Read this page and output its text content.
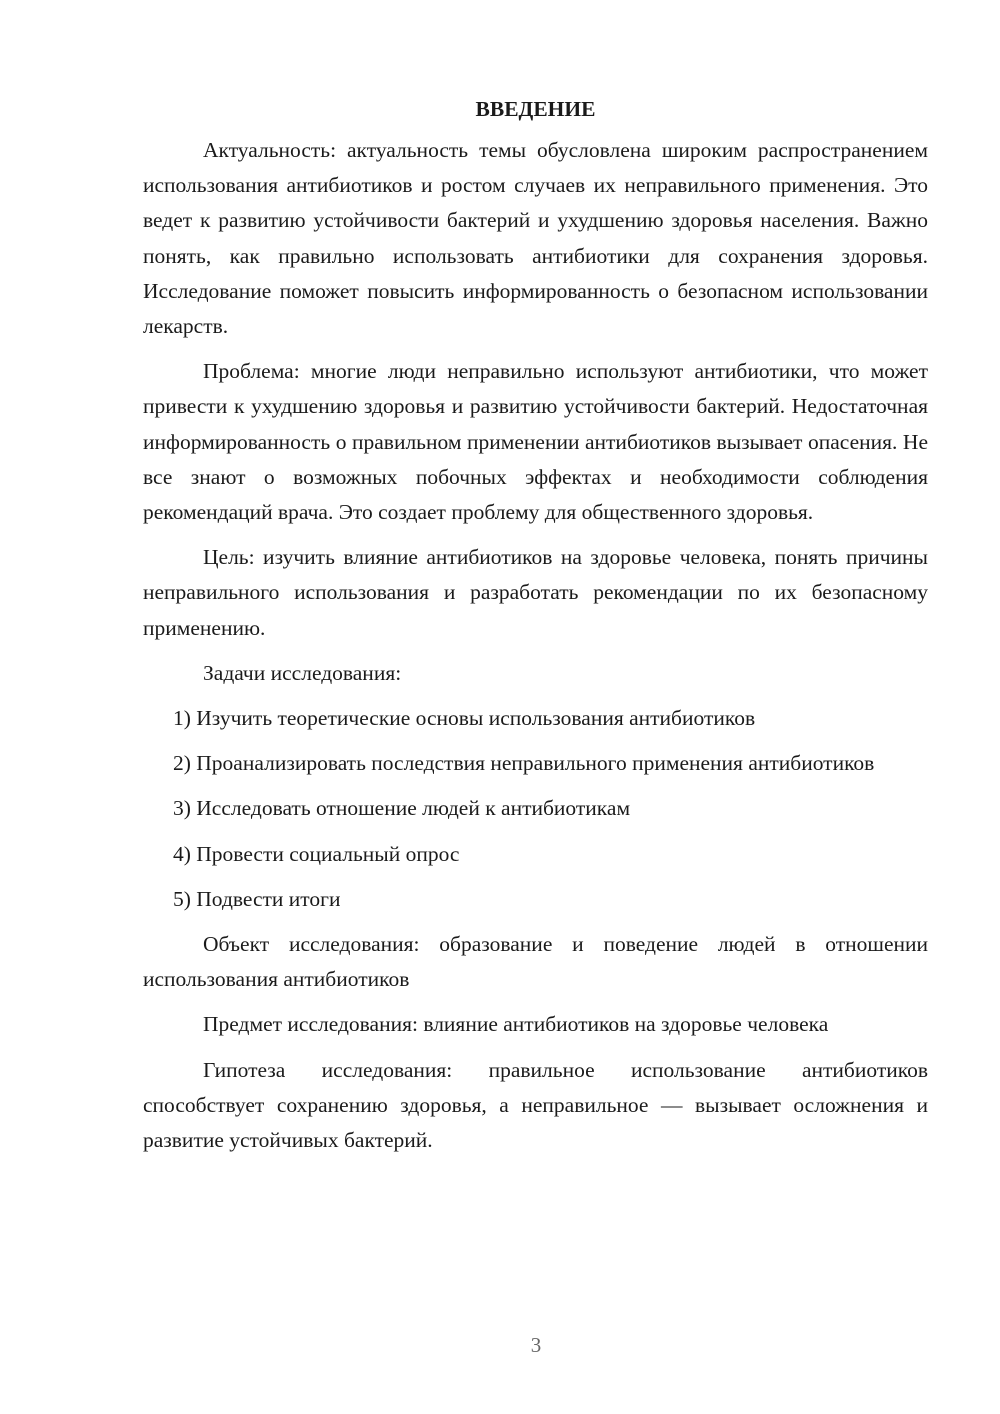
ВВЕДЕНИЕ

Актуальность: актуальность темы обусловлена широким распространением использования антибиотиков и ростом случаев их неправильного применения. Это ведет к развитию устойчивости бактерий и ухудшению здоровья населения. Важно понять, как правильно использовать антибиотики для сохранения здоровья. Исследование поможет повысить информированность о безопасном использовании лекарств.

Проблема: многие люди неправильно используют антибиотики, что может привести к ухудшению здоровья и развитию устойчивости бактерий. Недостаточная информированность о правильном применении антибиотиков вызывает опасения. Не все знают о возможных побочных эффектах и необходимости соблюдения рекомендаций врача. Это создает проблему для общественного здоровья.

Цель: изучить влияние антибиотиков на здоровье человека, понять причины неправильного использования и разработать рекомендации по их безопасному применению.

Задачи исследования:

1) Изучить теоретические основы использования антибиотиков

2) Проанализировать последствия неправильного применения антибиотиков

3) Исследовать отношение людей к антибиотикам

4) Провести социальный опрос

5) Подвести итоги

Объект исследования: образование и поведение людей в отношении использования антибиотиков

Предмет исследования: влияние антибиотиков на здоровье человека

Гипотеза исследования: правильное использование антибиотиков способствует сохранению здоровья, а неправильное — вызывает осложнения и развитие устойчивых бактерий.

3
